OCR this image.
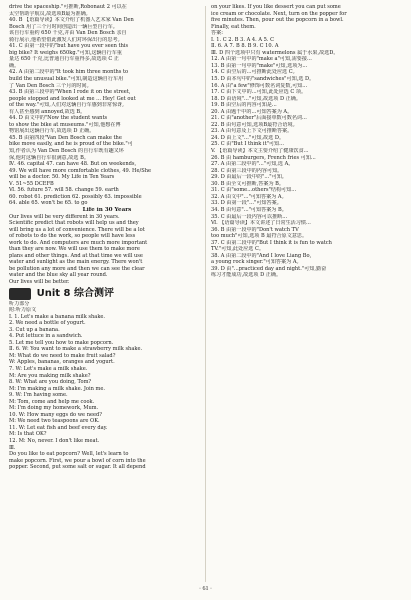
drive the spaceship."可推断,Robonaut 2 可以在

太空帮助宇航员,故选项B最为准确。

40. B 【语篇导读】本文介绍了机器人艺术家 Van Den

Bosch 用了三个月时间创造出一辆巨型自行车。

该自行车重约 650 千克,并由 Van Den Bosch 亲自

骑行展示,他希望借此激发人们对环保出行的思考。

41. C 由第一段中的"but have you ever seen this

big bike? It weighs 650kg."可知,这辆自行车重

量达 650 千克,比普通自行车重得多,故选项 C 正

确。

42. A 由第二段中的"It took him three months to

build the unusual bike."可知,制造这辆自行车用

了 Van Den Bosch 三个月的时间。

43. B 由第三段中的"When I rode it on the street,

people stopped and looked at me ... Hey! Get out

of the way."可知,人们对这辆自行车感到非常惊讶,

有人甚至感到 annoyed,故选 B。

44. D 由文中的"Now the student wants

to show the bike at museums."可知,他想在博

物馆展出这辆自行车,故选项 D 正确。

45. B 由第四段"Van Den Bosch can make the

bike move easily, and he is proud of the bike."可

知,作者认为 Van Den Bosch 的自行车既有趣又环

保,他对这辆自行车很满意,故选 B。

Ⅳ. 46. capital 47. can have 48. But on weekends,

49. We will have more comfortable clothes, 49. He/She

will be a doctor. 50. My Life in Ten Years

Ⅴ. 51~55 DCEFB

Ⅵ. 56. future 57. will 58. change 59. earth

60. robot 61. prediction 62. possibly 63. impossible

64. able 65. won't be 65. to go

Life in 30 Years

Our lives will be very different in 30 years.

Scientific predict that robots will help us and they

will bring us a lot of convenience. There will be a lot

of robots to do the work, so people will have less

work to do. And computers are much more important

than they are now. We will use them to make more

plans and other things. And at that time we will use

water and sunlight as the main energy. There won't

be pollution any more and then we can see the clear

water and the blue sky all year round.

Our lives will be better.

Unit 8 综合测评

听力部分

附:听力原文

Ⅰ. 1. Let's make a banana milk shake.

2. We need a bottle of yogurt.

3. Cut up a banana.

4. Put lettuce in a sandwich.

5. Let me tell you how to make popcorn.

Ⅱ. 6. W: You want to make a strawberry milk shake.

M: What do we need to make fruit salad?

W: Apples, bananas, oranges and yogurt.

7. W: Let's make a milk shake.

M: Are you making milk shake?

8. W: What are you doing, Tom?

M: I'm making a milk shake. Join me.

9. W: I'm having some.

M: Tom, come and help me cook.

M: I'm doing my homework, Mum.

10. W: How many eggs do we need?

M: We need two teaspoons are OK.

11. W: Let eat fish and beef every day.

M: Is that OK?

12. M: No, never. I don't like meat.

Ⅲ.

Do you like to eat popcorn? Well, let's learn to

make popcorn. First, we pour a bowl of corn into the

popper. Second, put some salt or sugar. It all depend

on your likes. If you like dessert you can put some

ice cream or chocolate. Next, turn on the popper for

five minutes. Then, pour out the popcorn in a bowl.

Finally, eat them.

答案:

Ⅰ. 1. C 2. B 3. A 4. A 5. C

Ⅱ. 6. A 7. B 8. B 9. C 10. A

Ⅲ. D 四个选项中只有 watermelons 属于水果,故选D。

12. A 由第一句中的"make a"可知,需要接...

13. B 由第一句中的"make"可知,选项为...

14. C 由空后的...可推断此处应选 C。

15. D 由本句中的"sandwiches"可知,选 D。

16. A 由"a few"修饰可数名词复数,可知...

17. C 由下文中的...可知,此处应选 C 项。

18. D 由语境"..."可知,故选项 D 正确。

19. B 由空后的内容可知是...

20. A 由题干中的...可知答案为 A。

21. C 由"another"后面接单数可数名词...

22. B 由句意可知,选项B最符合语境。

23. A 由句意及上下文可推断答案。

24. D 由上文"..."可知,故选 D。

25. C 由"But I think it"可知...

V. 【语篇导读】本文主要介绍了健康饮食...

26. B 由 hamburgers, French fries 可知...

27. A 由第二段中的"..."可知,选 A。

28. C 由第三段中的内容可知。

29. D 由最后一段中的"..."可知。

30. B 由全文可推断,答案为 B。

31. C 由"some...others"结构可知...

32. A 由文中"..."可知答案为 A。

33. D 由第一段"..."可知答案。

34. B 由句意"..."可知答案为 B。

35. C 由最后一段内容可以推断...

Ⅵ. 【语篇导读】本文讲述了日常生活习惯...

36. B 由第一段中的"Don't watch TV

too much"可知,选项 B 最符合原文意思。

37. C 由第二段中的"But I think it is fun to watch

TV."可知,此处应选 C。

38. A 由第二段中的"And I love Liang Bo,

a young rock singer."可知答案为 A。

39. D 由"...practiced day and night."可知,勤奋

练习才能成功,故选项 D 正确。

· 61 ·
